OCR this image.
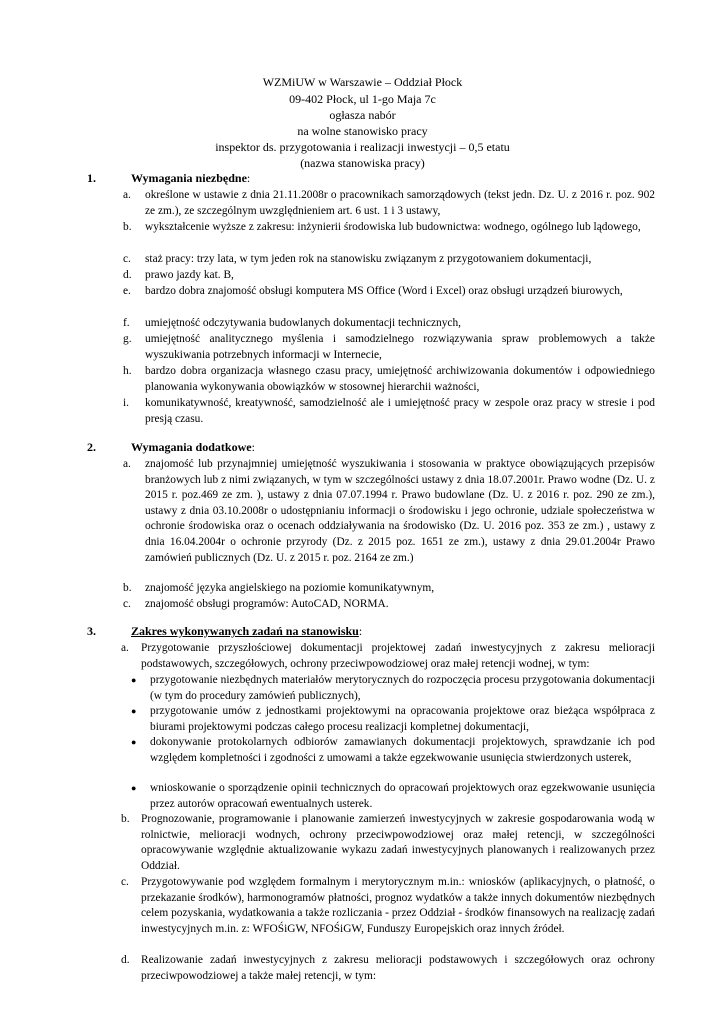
WZMiUW w Warszawie – Oddział Płock
09-402 Płock, ul 1-go Maja 7c
ogłasza nabór
na wolne stanowisko pracy
inspektor ds. przygotowania i realizacji inwestycji – 0,5 etatu
(nazwa stanowiska pracy)
1.	Wymagania niezbędne:
a. określone w ustawie z dnia 21.11.2008r o pracownikach samorządowych (tekst jedn. Dz. U. z 2016 r. poz. 902 ze zm.), ze szczególnym uwzględnieniem art. 6 ust. 1 i 3 ustawy,
b. wykształcenie wyższe z zakresu: inżynierii środowiska lub budownictwa: wodnego, ogólnego lub lądowego,
c. staż pracy: trzy lata, w tym jeden rok na stanowisku związanym z przygotowaniem dokumentacji,
d. prawo jazdy kat. B,
e. bardzo dobra znajomość obsługi komputera MS Office (Word i Excel) oraz obsługi urządzeń biurowych,
f. umiejętność odczytywania budowlanych dokumentacji technicznych,
g. umiejętność analitycznego myślenia i samodzielnego rozwiązywania spraw problemowych a także wyszukiwania potrzebnych informacji w Internecie,
h. bardzo dobra organizacja własnego czasu pracy, umiejętność archiwizowania dokumentów i odpowiedniego planowania wykonywania obowiązków w stosownej hierarchii ważności,
i. komunikatywność, kreatywność, samodzielność ale i umiejętność pracy w zespole oraz pracy w stresie i pod presją czasu.
2.	Wymagania dodatkowe:
a. znajomość lub przynajmniej umiejętność wyszukiwania i stosowania w praktyce obowiązujących przepisów branżowych lub z nimi związanych, w tym w szczególności ustawy z dnia 18.07.2001r. Prawo wodne (Dz. U. z 2015 r. poz.469 ze zm. ), ustawy z dnia 07.07.1994 r. Prawo budowlane (Dz. U. z 2016 r. poz. 290 ze zm.), ustawy z dnia 03.10.2008r o udostępnianiu informacji o środowisku i jego ochronie, udziale społeczeństwa w ochronie środowiska oraz o ocenach oddziaływania na środowisko (Dz. U. 2016 poz. 353 ze zm.) , ustawy z dnia 16.04.2004r o ochronie przyrody (Dz. z 2015 poz. 1651 ze zm.), ustawy z dnia 29.01.2004r Prawo zamówień publicznych (Dz. U. z 2015 r. poz. 2164 ze zm.)
b. znajomość języka angielskiego na poziomie komunikatywnym,
c. znajomość obsługi programów: AutoCAD, NORMA.
3.	Zakres wykonywanych zadań na stanowisku:
a. Przygotowanie przyszłościowej dokumentacji projektowej zadań inwestycyjnych z zakresu melioracji podstawowych, szczegółowych, ochrony przeciwpowodziowej oraz małej retencji wodnej, w tym:
● przygotowanie niezbędnych materiałów merytorycznych do rozpoczęcia procesu przygotowania dokumentacji (w tym do procedury zamówień publicznych),
● przygotowanie umów z jednostkami projektowymi na opracowania projektowe oraz bieżąca współpraca z biurami projektowymi podczas całego procesu realizacji kompletnej dokumentacji,
● dokonywanie protokolarnych odbiorów zamawianych dokumentacji projektowych, sprawdzanie ich pod względem kompletności i zgodności z umowami a także egzekwowanie usunięcia stwierdzonych usterek,
● wnioskowanie o sporządzenie opinii technicznych do opracowań projektowych oraz egzekwowanie usunięcia przez autorów opracowań ewentualnych usterek.
b. Prognozowanie, programowanie i planowanie zamierzeń inwestycyjnych w zakresie gospodarowania wodą w rolnictwie, melioracji wodnych, ochrony przeciwpowodziowej oraz małej retencji, w szczególności opracowywanie względnie aktualizowanie wykazu zadań inwestycyjnych planowanych i realizowanych przez Oddział.
c. Przygotowywanie pod względem formalnym i merytorycznym m.in.: wniosków (aplikacyjnych, o płatność, o przekazanie środków), harmonogramów płatności, prognoz wydatków a także innych dokumentów niezbędnych celem pozyskania, wydatkowania a także rozliczania - przez Oddział - środków finansowych na realizację zadań inwestycyjnych m.in. z: WFOŚiGW, NFOŚiGW, Funduszy Europejskich oraz innych źródeł.
d. Realizowanie zadań inwestycyjnych z zakresu melioracji podstawowych i szczegółowych oraz ochrony przeciwpowodziowej a także małej retencji, w tym:
